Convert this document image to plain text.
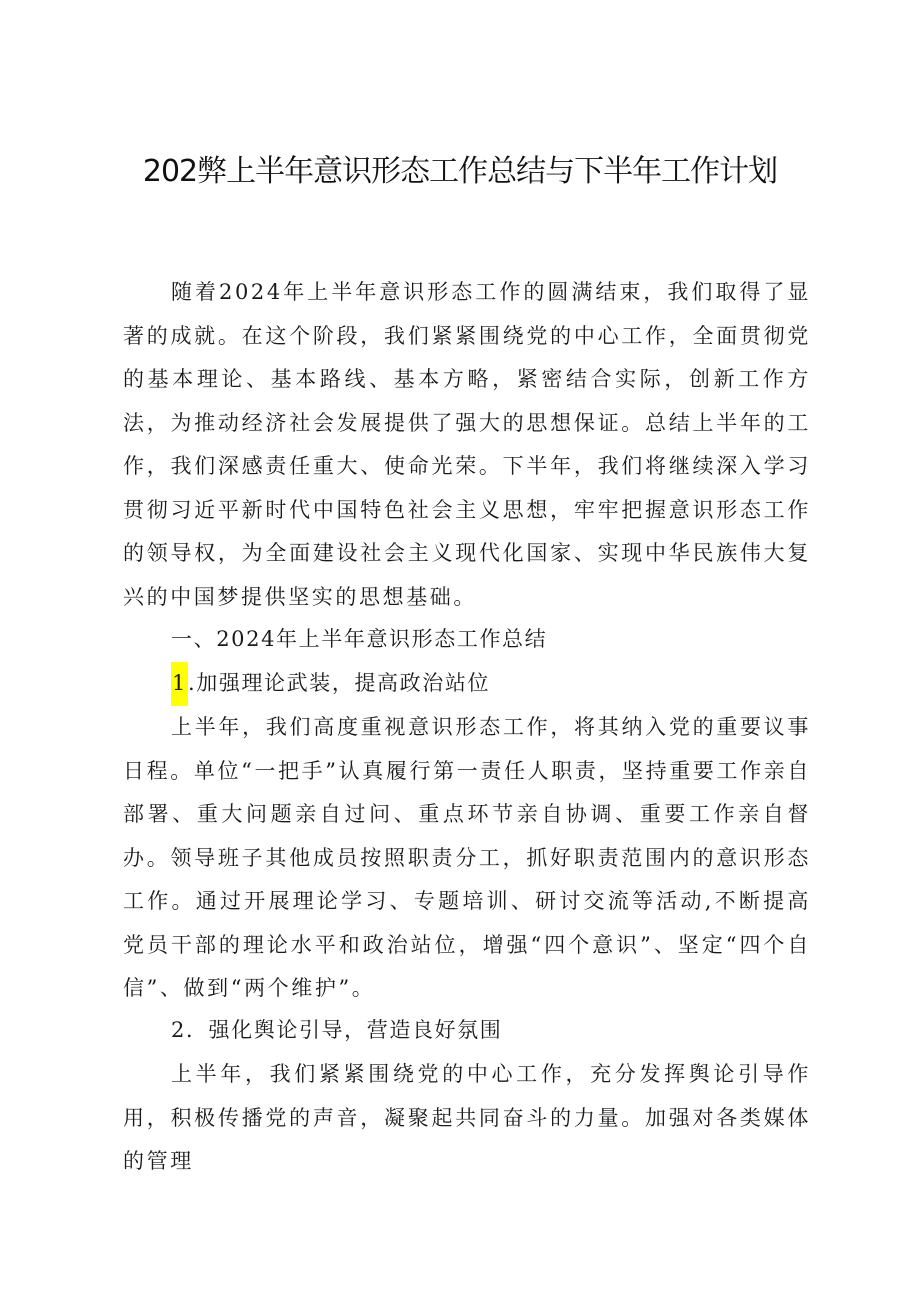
202弊上半年意识形态工作总结与下半年工作计划

随着2024年上半年意识形态工作的圆满结束，我们取得了显著的成就。在这个阶段，我们紧紧围绕党的中心工作，全面贯彻党的基本理论、基本路线、基本方略，紧密结合实际，创新工作方法，为推动经济社会发展提供了强大的思想保证。总结上半年的工作，我们深感责任重大、使命光荣。下半年，我们将继续深入学习贯彻习近平新时代中国特色社会主义思想，牢牢把握意识形态工作的领导权，为全面建设社会主义现代化国家、实现中华民族伟大复兴的中国梦提供坚实的思想基础。

一、2024年上半年意识形态工作总结

1.加强理论武装，提高政治站位

上半年，我们高度重视意识形态工作，将其纳入党的重要议事日程。单位“一把手”认真履行第一责任人职责，坚持重要工作亲自部署、重大问题亲自过问、重点环节亲自协调、重要工作亲自督办。领导班子其他成员按照职责分工，抓好职责范围内的意识形态工作。通过开展理论学习、专题培训、研讨交流等活动,不断提高党员干部的理论水平和政治站位，增强“四个意识”、坚定“四个自信”、做到“两个维护”。

2．强化舆论引导，营造良好氛围

上半年，我们紧紧围绕党的中心工作，充分发挥舆论引导作用，积极传播党的声音，凝聚起共同奋斗的力量。加强对各类媒体的管理
